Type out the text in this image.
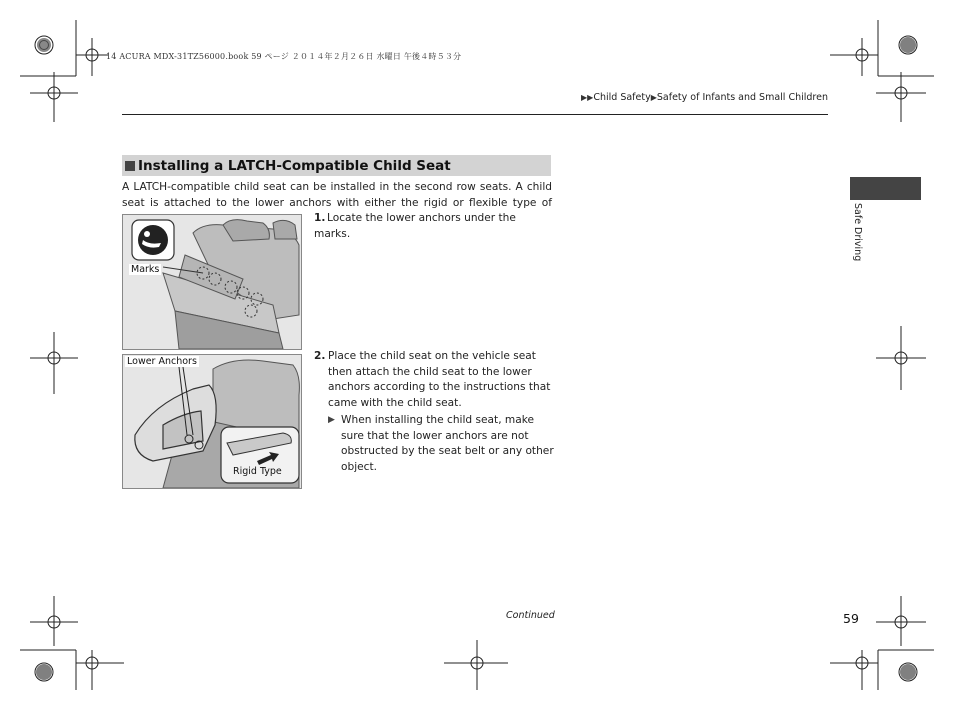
14 ACURA MDX-31TZ56000.book 59 ページ ２０１４年２月２６日 水曜日 午後４時５３分
▶▶Child Safety▶Safety of Infants and Small Children
Installing a LATCH-Compatible Child Seat
A LATCH-compatible child seat can be installed in the second row seats. A child seat is attached to the lower anchors with either the rigid or flexible type of
Marks
Lower Anchors
Rigid Type
1. Locate the lower anchors under the marks.
2. Place the child seat on the vehicle seat then attach the child seat to the lower anchors according to the instructions that came with the child seat.
▶ When installing the child seat, make sure that the lower anchors are not obstructed by the seat belt or any other object.
Safe Driving
Continued	59
